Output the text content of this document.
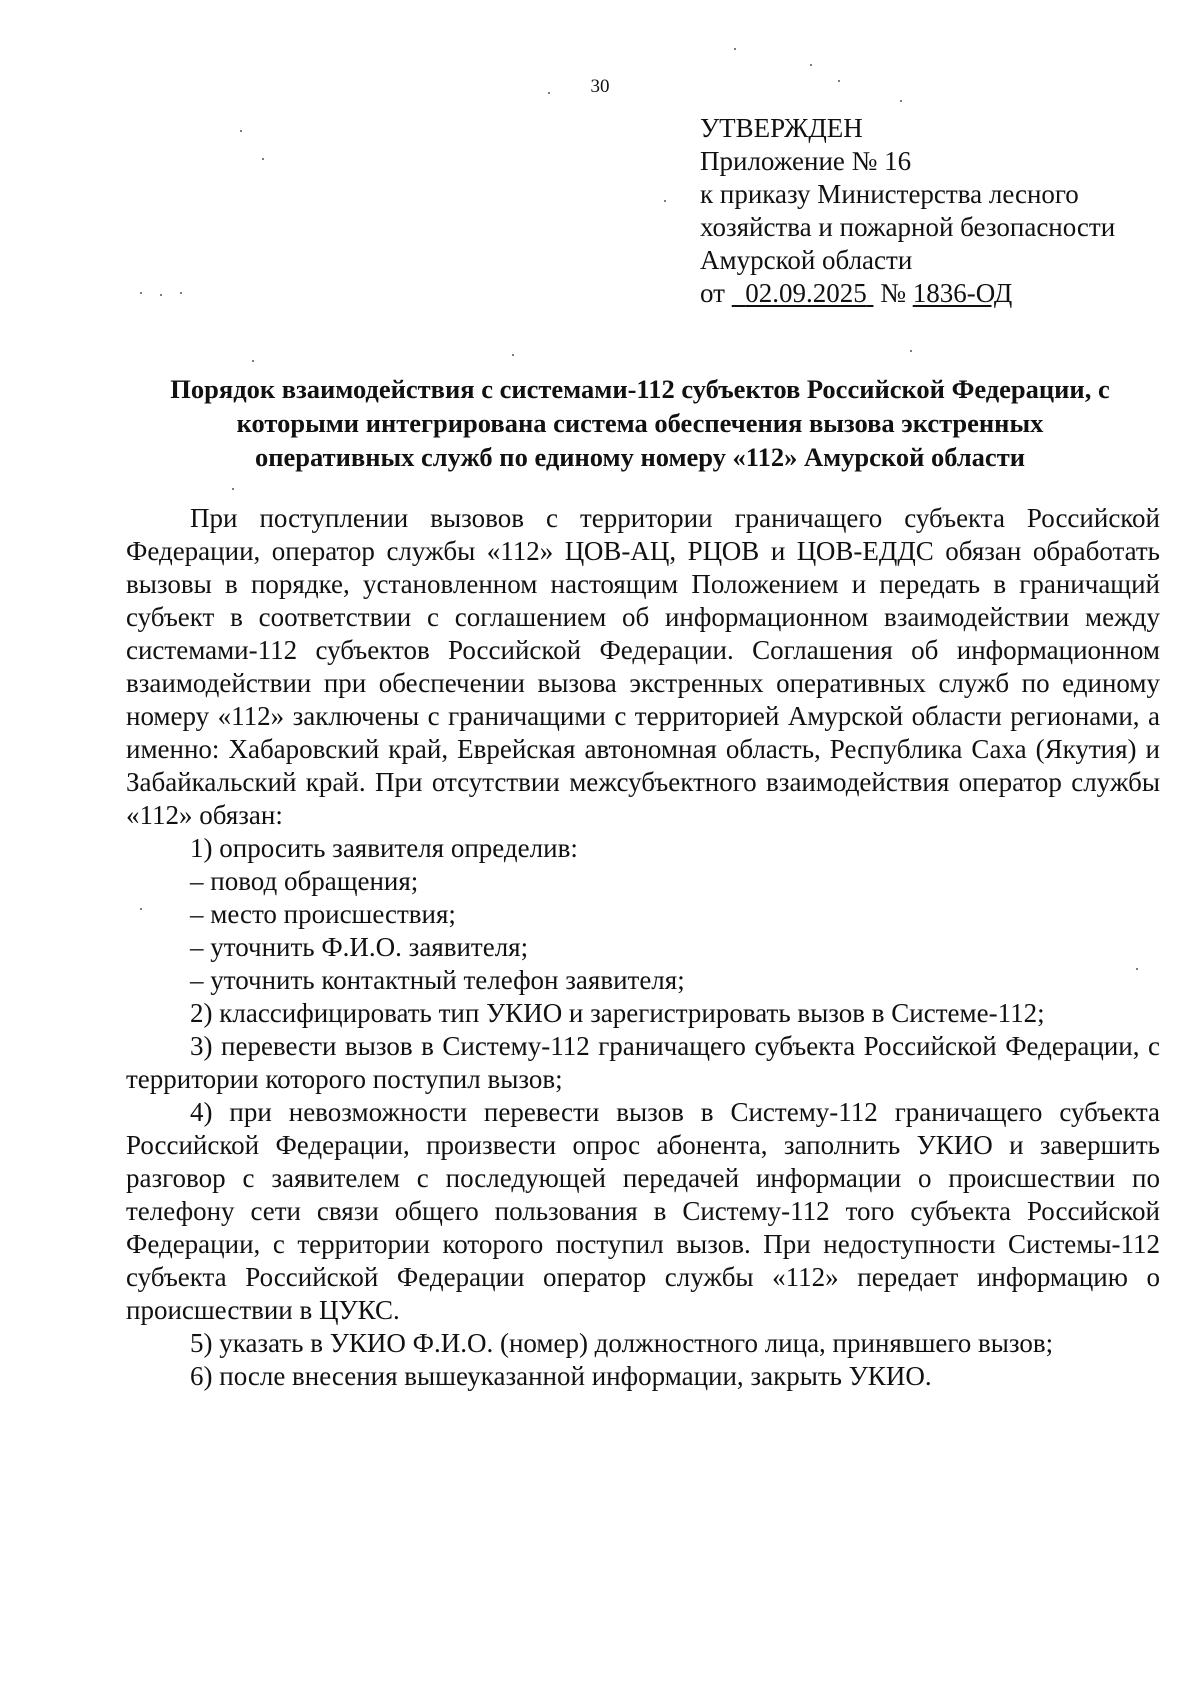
30
УТВЕРЖДЕН
Приложение № 16
к приказу Министерства лесного
хозяйства и пожарной безопасности
Амурской области
от 02.09.2025 № 1836-ОД
Порядок взаимодействия с системами-112 субъектов Российской Федерации, с
которыми интегрирована система обеспечения вызова экстренных
оперативных служб по единому номеру «112» Амурской области

При поступлении вызовов с территории граничащего субъекта Российской Федерации, оператор службы «112» ЦОВ-АЦ, РЦОВ и ЦОВ-ЕДДС обязан обработать вызовы в порядке, установленном настоящим Положением и передать в граничащий субъект в соответствии с соглашением об информационном взаимодействии между системами-112 субъектов Российской Федерации. Соглашения об информационном взаимодействии при обеспечении вызова экстренных оперативных служб по единому номеру «112» заключены с граничащими с территорией Амурской области регионами, а именно: Хабаровский край, Еврейская автономная область, Республика Саха (Якутия) и Забайкальский край. При отсутствии межсубъектного взаимодействия оператор службы «112» обязан:

1) опросить заявителя определив:

– повод обращения;

– место происшествия;

– уточнить Ф.И.О. заявителя;

– уточнить контактный телефон заявителя;

2) классифицировать тип УКИО и зарегистрировать вызов в Системе-112;

3) перевести вызов в Систему-112 граничащего субъекта Российской Федерации, с территории которого поступил вызов;

4) при невозможности перевести вызов в Систему-112 граничащего субъекта Российской Федерации, произвести опрос абонента, заполнить УКИО и завершить разговор с заявителем с последующей передачей информации о происшествии по телефону сети связи общего пользования в Систему-112 того субъекта Российской Федерации, с территории которого поступил вызов. При недоступности Системы-112 субъекта Российской Федерации оператор службы «112» передает информацию о происшествии в ЦУКС.

5) указать в УКИО Ф.И.О. (номер) должностного лица, принявшего вызов;

6) после внесения вышеуказанной информации, закрыть УКИО.
